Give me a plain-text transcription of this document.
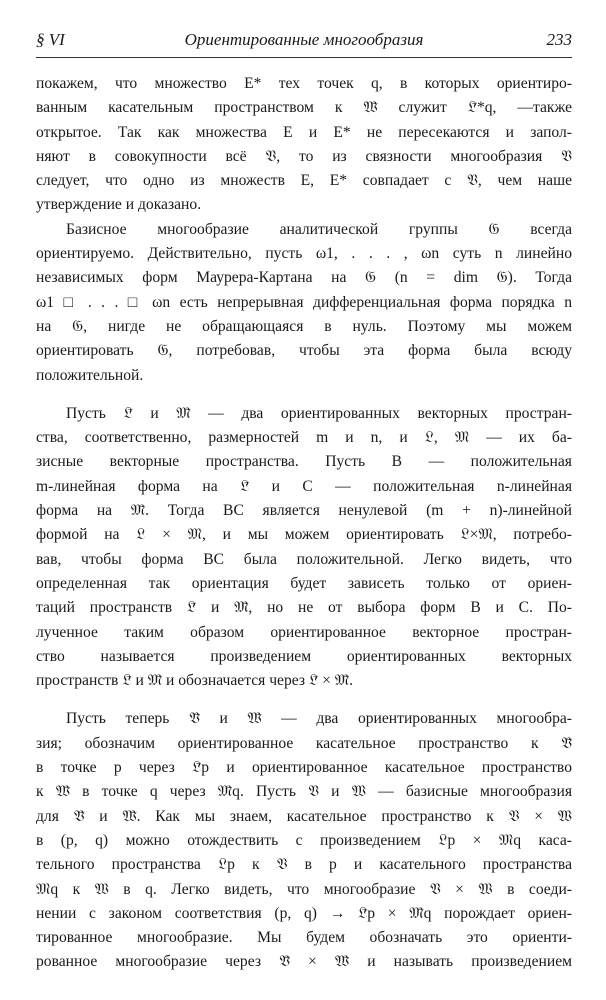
§ VI	Ориентированные многообразия	233

покажем, что множество E* тех точек q, в которых ориентиро-
ванным касательным пространством к 𝔚̃ служит 𝔏̃*q, —также
открытое. Так как множества E и E* не пересекаются и запол-
няют в совокупности всё 𝔙, то из связности многообразия 𝔙
следует, что одно из множеств E, E* совпадает с 𝔙, чем наше
утверждение и доказано.

Базисное многообразие аналитической группы 𝔊 всегда
ориентируемо. Действительно, пусть ω1, . . . , ωn суть n линейно
независимых форм Маурера-Картана на 𝔊 (n = dim 𝔊). Тогда
ω1 □ . . . □ ωn есть непрерывная дифференциальная форма порядка n
на 𝔊, нигде не обращающаяся в нуль. Поэтому мы можем
ориентировать 𝔊, потребовав, чтобы эта форма была всюду
положительной.

Пусть 𝔏̃ и 𝔐̃ — два ориентированных векторных простран-
ства, соответственно, размерностей m и n, и 𝔏, 𝔐 — их ба-
зисные векторные пространства. Пусть B — положительная
m-линейная форма на 𝔏̃ и C — положительная n-линейная
форма на 𝔐̃. Тогда BC является ненулевой (m + n)-линейной
формой на 𝔏 × 𝔐, и мы можем ориентировать 𝔏×𝔐, потребо-
вав, чтобы форма BC была положительной. Легко видеть, что
определенная так ориентация будет зависеть только от ориен-
таций пространств 𝔏̃ и 𝔐̃, но не от выбора форм B и C. По-
лученное таким образом ориентированное векторное простран-
ство называется произведением ориентированных векторных
пространств 𝔏̃ и 𝔐̃ и обозначается через 𝔏̃ × 𝔐̃.

Пусть теперь 𝔙̃ и 𝔚̃ — два ориентированных многообра-
зия; обозначим ориентированное касательное пространство к 𝔙̃
в точке p через 𝔏̃p и ориентированное касательное пространство
к 𝔚̃ в точке q через 𝔐̃q. Пусть 𝔙 и 𝔚 — базисные многообразия
для 𝔙̃ и 𝔚̃. Как мы знаем, касательное пространство к 𝔙 × 𝔚
в (p, q) можно отождествить с произведением 𝔏p × 𝔐q каса-
тельного пространства 𝔏p к 𝔙 в p и касательного пространства
𝔐q к 𝔚 в q. Легко видеть, что многообразие 𝔙 × 𝔚 в соеди-
нении с законом соответствия (p, q) → 𝔏̃p × 𝔐̃q порождает ориен-
тированное многообразие. Мы будем обозначать это ориенти-
рованное многообразие через 𝔙̃ × 𝔚̃ и называть произведением
